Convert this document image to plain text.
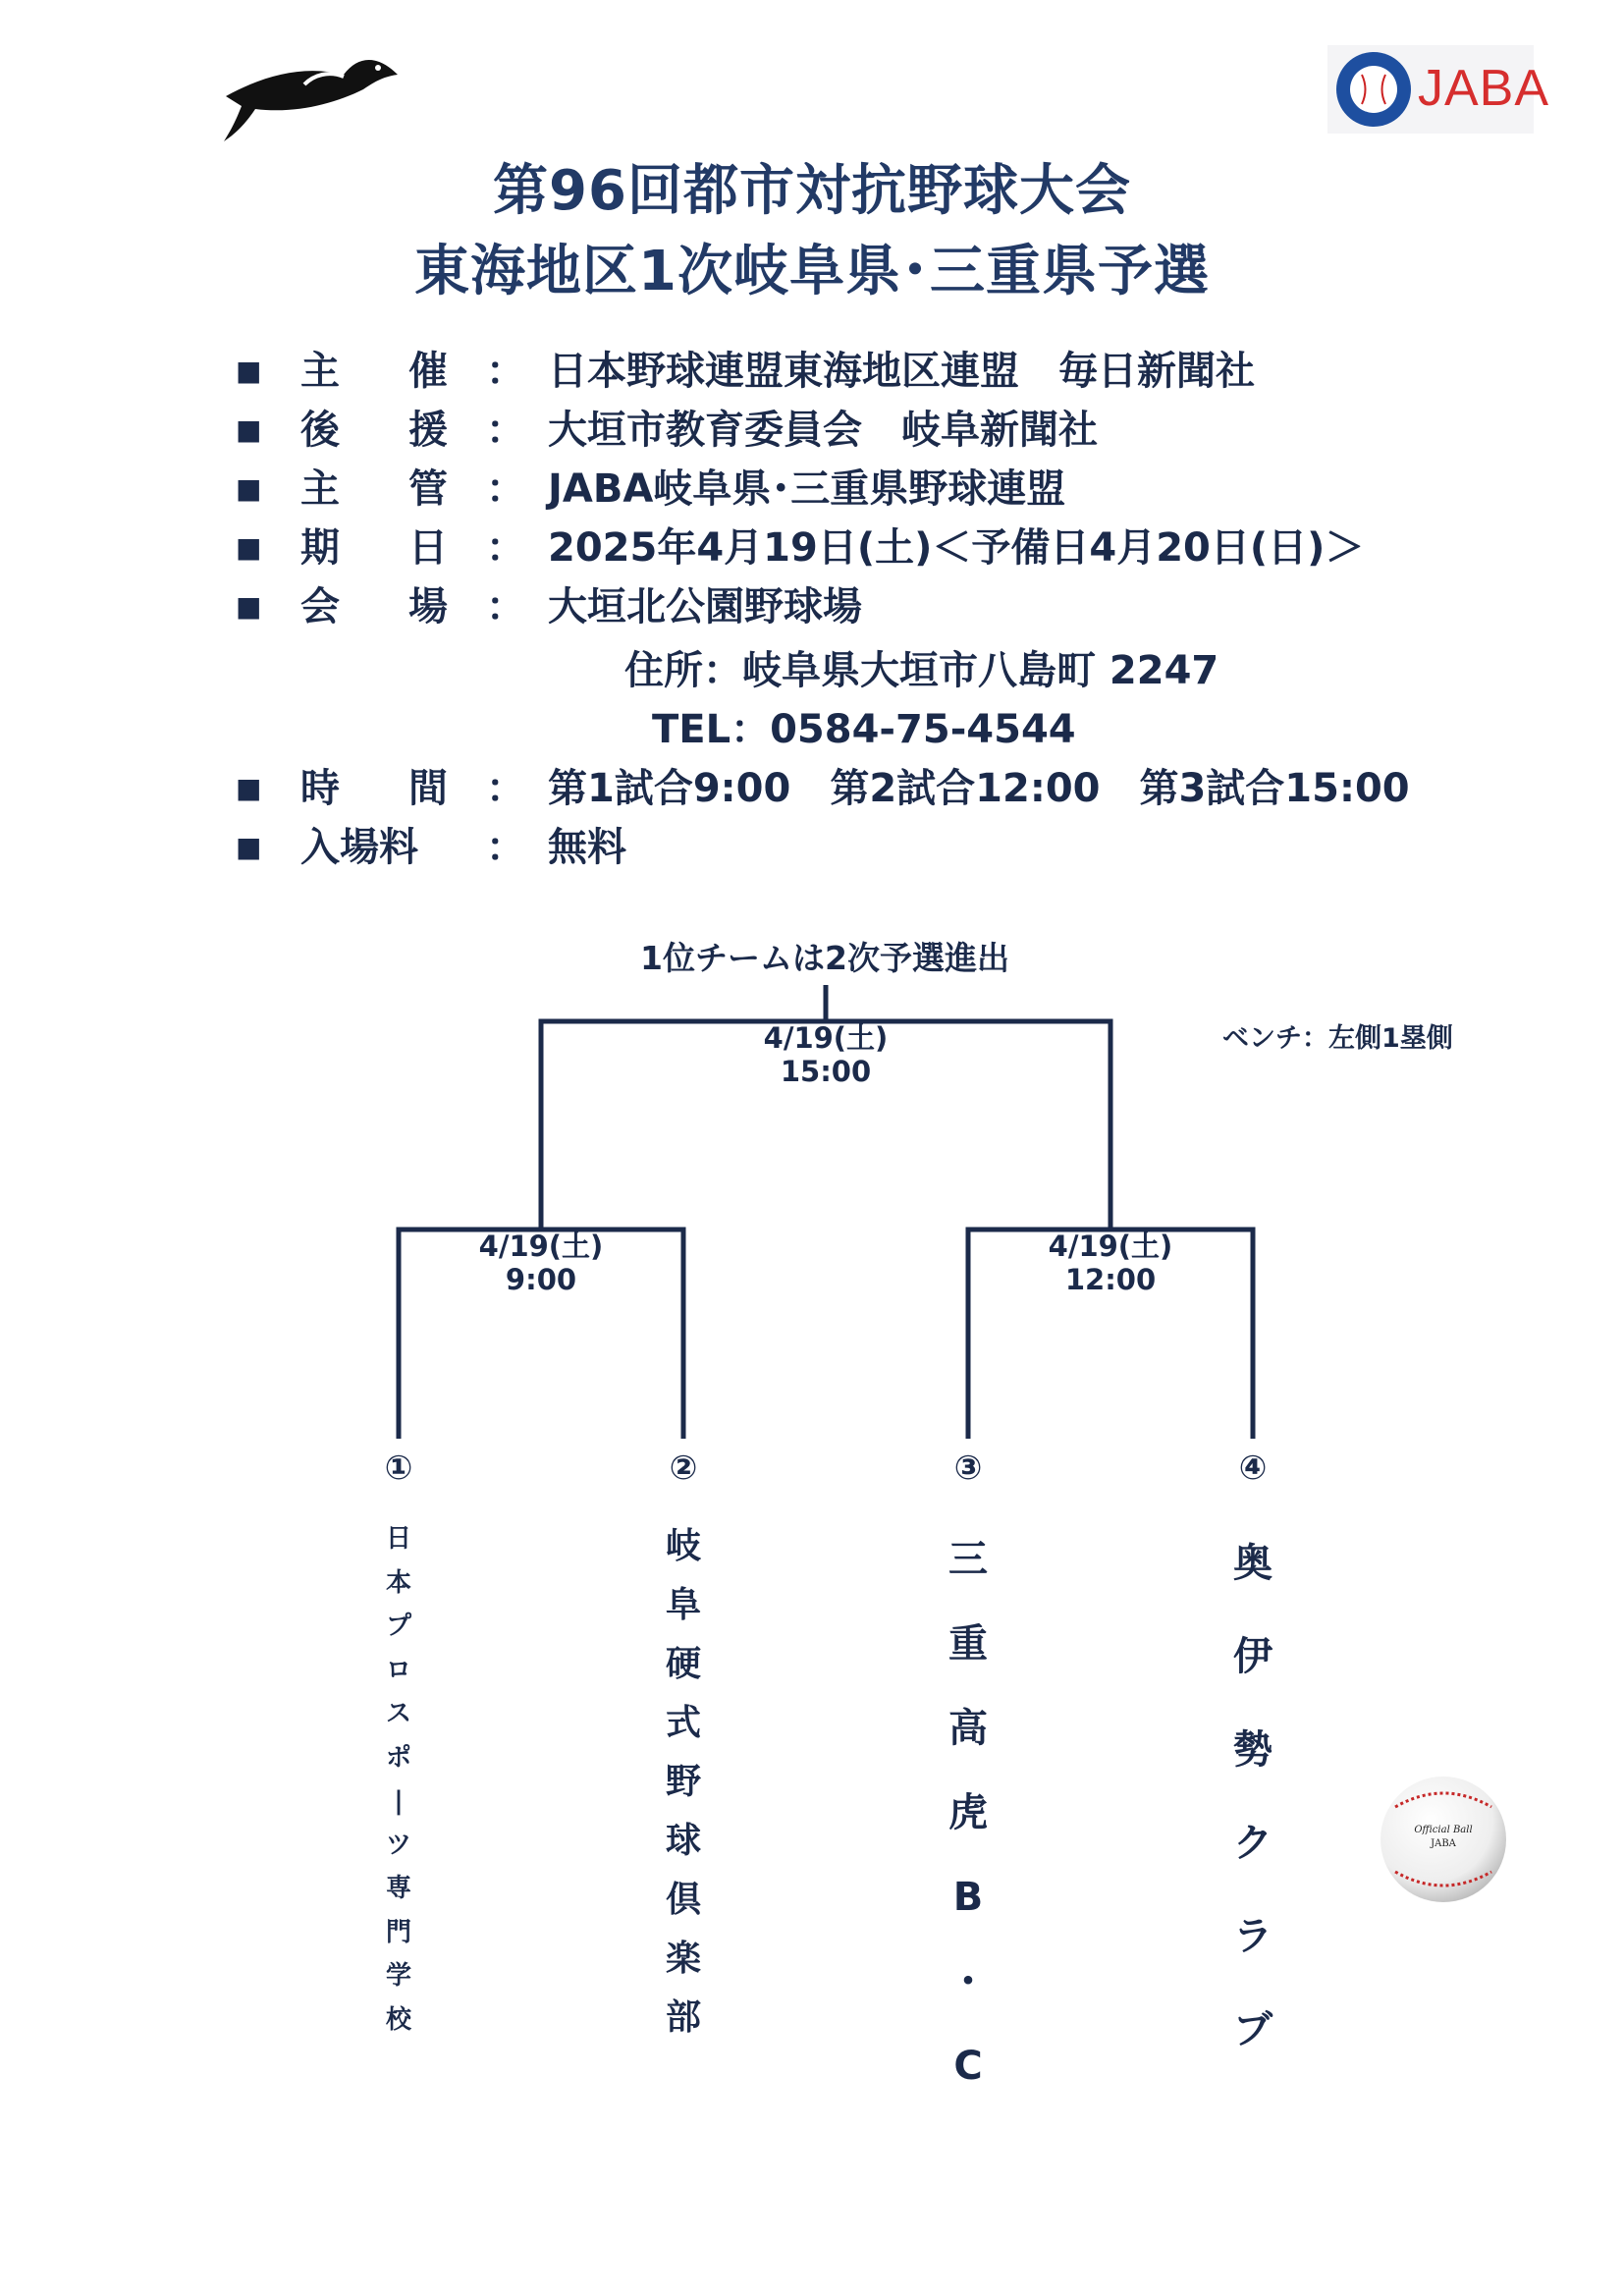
JABA
第96回都市対抗野球大会
東海地区1次岐阜県･三重県予選
■ 主 催 ： 日本野球連盟東海地区連盟　毎日新聞社
■ 後 援 ： 大垣市教育委員会　岐阜新聞社
■ 主 管 ： JABA岐阜県･三重県野球連盟
■ 期 日 ： 2025年4月19日(土)＜予備日4月20日(日)＞
■ 会 場 ： 大垣北公園野球場
■ 時 間 ： 第1試合9:00　第2試合12:00　第3試合15:00
■ 入場料 ： 無料
住所：岐阜県大垣市八島町 2247
TEL：0584-75-4544
1位チームは2次予選進出
ベンチ：左側1塁側
4/19(土)
15:00
4/19(土)
9:00
4/19(土)
12:00
①
日
本
プ
ロ
ス
ポ
|
ツ
専
門
学
校
②
岐
阜
硬
式
野
球
倶
楽
部
③
三
重
高
虎
B
・
C
④
奥
伊
勢
ク
ラ
ブ
Official Ball
JABA
